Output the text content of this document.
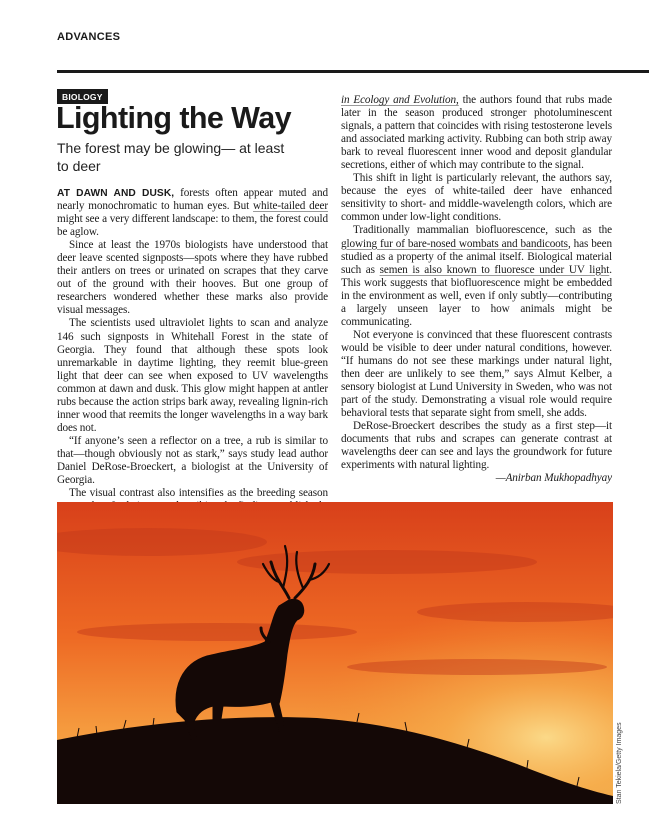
ADVANCES
BIOLOGY
Lighting the Way
The forest may be glowing— at least to deer

AT DAWN AND DUSK, forests often appear muted and nearly monochromatic to human eyes. But white-tailed deer might see a very different landscape: to them, the forest could be aglow.

Since at least the 1970s biologists have understood that deer leave scented signposts—spots where they have rubbed their antlers on trees or urinated on scrapes that they carve out of the ground with their hooves. But one group of researchers wondered whether these marks also provide visual messages.

The scientists used ultraviolet lights to scan and analyze 146 such signposts in Whitehall Forest in the state of Georgia. They found that although these spots look unremarkable in daytime lighting, they reemit blue-green light that deer can see when exposed to UV wavelengths common at dawn and dusk. This glow might happen at antler rubs because the action strips bark away, revealing lignin-rich inner wood that reemits the longer wavelengths in a way bark does not.

“If anyone’s seen a reflector on a tree, a rub is similar to that—though obviously not as stark,” says study lead author Daniel DeRose-Broeckert, a biologist at the University of Georgia.

The visual contrast also intensifies as the breeding season

in Ecology and Evolution, the authors found that rubs made later in the season produced stronger photoluminescent signals, a pattern that coincides with rising testosterone levels and associated marking activity. Rubbing can both strip away bark to reveal fluorescent inner wood and deposit glandular secretions, either of which may contribute to the signal.

This shift in light is particularly relevant, the authors say, because the eyes of white-tailed deer have enhanced sensitivity to short- and middle-wavelength colors, which are common under low-light conditions.

Traditionally mammalian biofluorescence, such as the glowing fur of bare-nosed wombats and bandicoots, has been studied as a property of the animal itself. Biological material such as semen is also known to fluoresce under UV light. This work suggests that biofluorescence might be embedded in the environment as well, even if only subtly—contributing a largely unseen layer to how animals might be communicating.

Not everyone is convinced that these fluorescent contrasts would be visible to deer under natural conditions, however. “If humans do not see these markings under natural light, then deer are unlikely to see them,” says Almut Kelber, a sensory biologist at Lund University in Sweden, who was not part of the study. Demonstrating a visual role would require behavioral tests that separate sight from smell, she adds.

DeRose-Broeckert describes the study as a first step—it documents that rubs and scrapes can generate contrast at wavelengths deer can see and lays the groundwork for future experiments with natural lighting.

—Anirban Mukhopadhyay

Stan Tekiela/Getty Images
